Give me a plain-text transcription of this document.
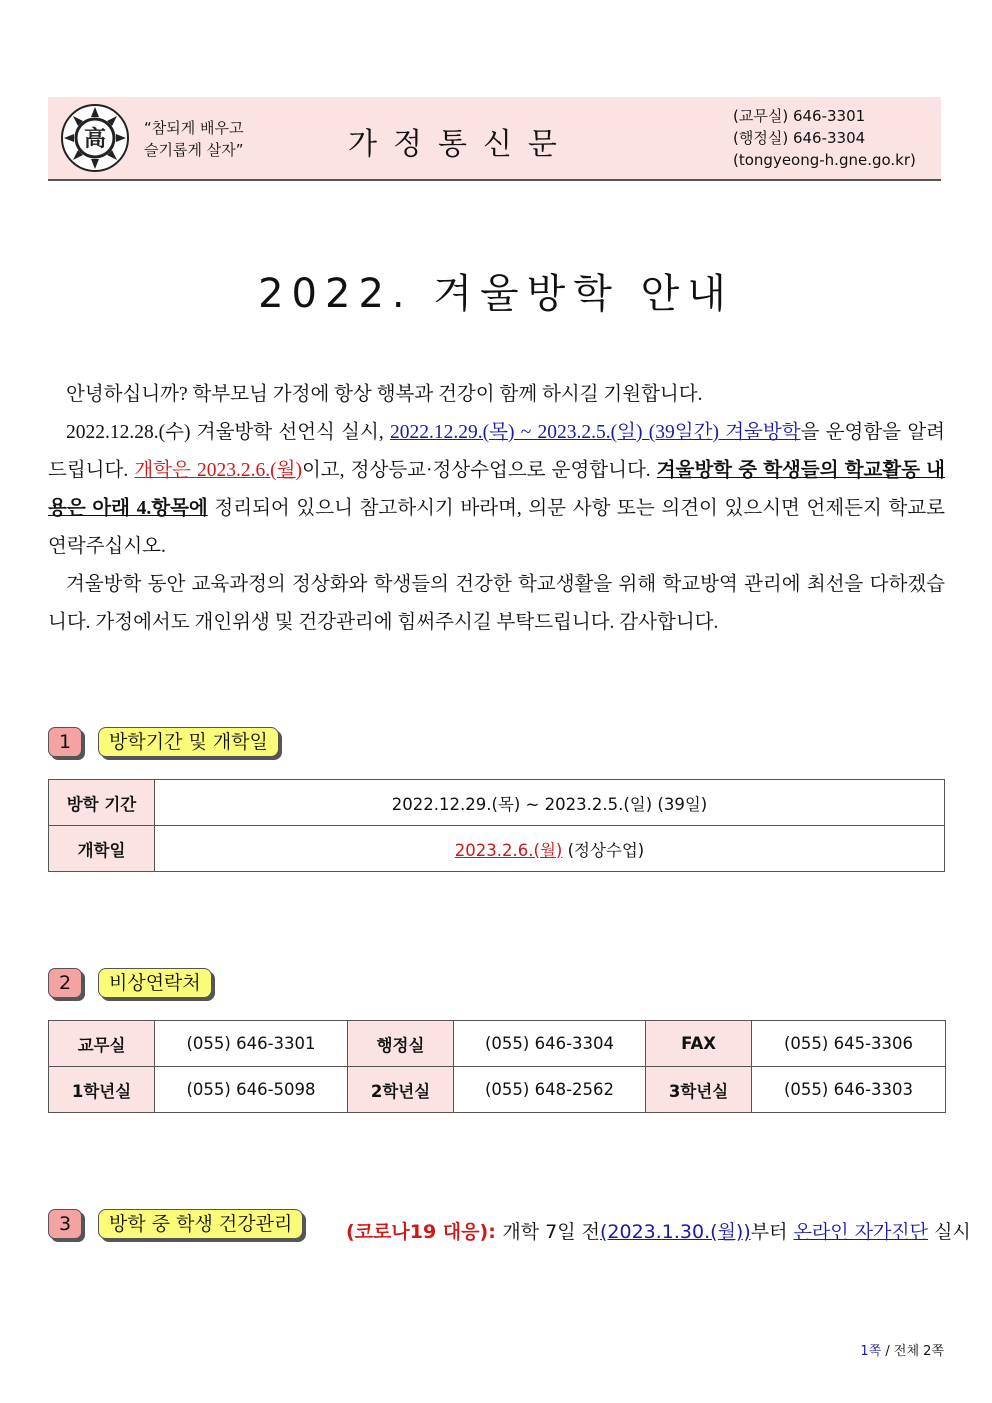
高	“참되게 배우고
슬기롭게 살자”	가정통신문
(교무실) 646-3301
(행정실) 646-3304
(tongyeong-h.gne.go.kr)
2022. 겨울방학 안내

안녕하십니까? 학부모님 가정에 항상 행복과 건강이 함께 하시길 기원합니다.

2022.12.28.(수) 겨울방학 선언식 실시, 2022.12.29.(목) ~ 2023.2.5.(일) (39일간) 겨울방학을 운영함을 알려드립니다. 개학은 2023.2.6.(월)이고, 정상등교·정상수업으로 운영합니다. 겨울방학 중 학생들의 학교활동 내용은 아래 4.항목에 정리되어 있으니 참고하시기 바라며, 의문 사항 또는 의견이 있으시면 언제든지 학교로 연락주십시오.

겨울방학 동안 교육과정의 정상화와 학생들의 건강한 학교생활을 위해 학교방역 관리에 최선을 다하겠습니다. 가정에서도 개인위생 및 건강관리에 힘써주시길 부탁드립니다. 감사합니다.

1	방학기간 및 개학일
방학 기간	2022.12.29.(목) ~ 2023.2.5.(일) (39일)
개학일	2023.2.6.(월) (정상수업)
2	비상연락처
교무실	(055) 646-3301	행정실	(055) 646-3304	FAX	(055) 645-3306
1학년실	(055) 646-5098	2학년실	(055) 648-2562	3학년실	(055) 646-3303
3	방학 중 학생 건강관리	(코로나19 대응): 개학 7일 전(2023.1.30.(월))부터 온라인 자가진단 실시
1쪽 / 전체 2쪽
